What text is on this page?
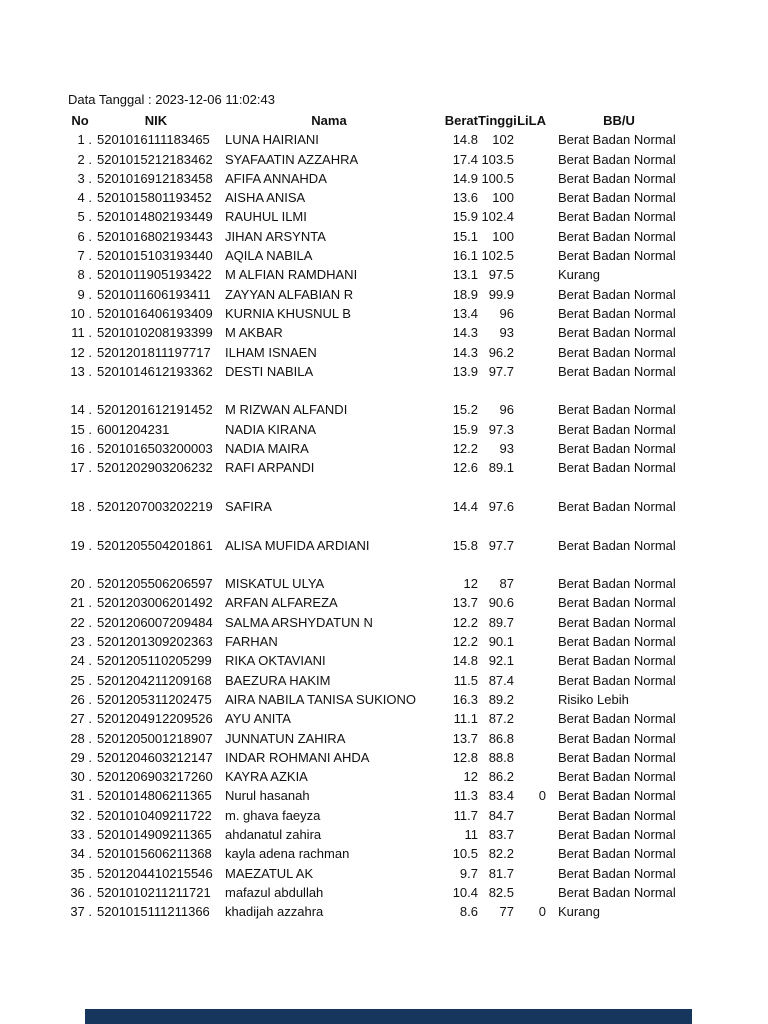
Data Tanggal : 2023-12-06 11:02:43
No	NIK	Nama	Berat Tinggi LiLA	BB/U
1 . 5201016111183465	LUNA HAIRIANI	14.8	102	Berat Badan Normal
2 . 5201015212183462 SYAFAATIN AZZAHRA	17.4 103.5	Berat Badan Normal
3 . 5201016912183458 AFIFA ANNAHDA	14.9 100.5	Berat Badan Normal
4 . 5201015801193452	AISHA ANISA	13.6	100	Berat Badan Normal
5 . 5201014802193449 RAUHUL ILMI	15.9 102.4	Berat Badan Normal
6 . 5201016802193443 JIHAN ARSYNTA	15.1	100	Berat Badan Normal
7 . 5201015103193440 AQILA NABILA	16.1 102.5	Berat Badan Normal
8 . 5201011905193422	M ALFIAN RAMDHANI	13.1 97.5	Kurang
9 . 5201011606193411	ZAYYAN ALFABIAN R	18.9 99.9	Berat Badan Normal
10 . 5201016406193409 KURNIA KHUSNUL B	13.4	96	Berat Badan Normal
11 . 5201010208193399 M AKBAR	14.3	93	Berat Badan Normal
12 . 5201201811197717	ILHAM ISNAEN	14.3 96.2	Berat Badan Normal
13 . 5201014612193362 DESTI NABILA	13.9 97.7	Berat Badan Normal
14 . 5201201612191452 M RIZWAN ALFANDI	15.2	96	Berat Badan Normal
15 . 6001204231	NADIA KIRANA	15.9 97.3	Berat Badan Normal
16 . 5201016503200003 NADIA MAIRA	12.2	93	Berat Badan Normal
17 . 5201202903206232 RAFI ARPANDI	12.6 89.1	Berat Badan Normal
18 . 5201207003202219 SAFIRA	14.4 97.6	Berat Badan Normal
19 . 5201205504201861 ALISA MUFIDA ARDIANI	15.8 97.7	Berat Badan Normal
20 . 5201205506206597 MISKATUL ULYA	12	87	Berat Badan Normal
21 . 5201203006201492 ARFAN ALFAREZA	13.7 90.6	Berat Badan Normal
22 . 5201206007209484 SALMA ARSHYDATUN N	12.2 89.7	Berat Badan Normal
23 . 5201201309202363 FARHAN	12.2 90.1	Berat Badan Normal
24 . 5201205110205299	RIKA OKTAVIANI	14.8 92.1	Berat Badan Normal
25 . 5201204211209168	BAEZURA HAKIM	11.5 87.4	Berat Badan Normal
26 . 5201205311202475	AIRA NABILA TANISA SUKIONO	16.3 89.2	Risiko Lebih
27 . 5201204912209526 AYU ANITA	11.1 87.2	Berat Badan Normal
28 . 5201205001218907 JUNNATUN ZAHIRA	13.7 86.8	Berat Badan Normal
29 . 5201204603212147 INDAR ROHMANI AHDA	12.8 88.8	Berat Badan Normal
30 . 5201206903217260 KAYRA AZKIA	12 86.2	Berat Badan Normal
31 . 5201014806211365	Nurul hasanah	11.3 83.4	0 Berat Badan Normal
32 . 5201010409211722	m. ghava faeyza	11.7 84.7	Berat Badan Normal
33 . 5201014909211365	ahdanatul zahira	11 83.7	Berat Badan Normal
34 . 5201015606211368	kayla adena rachman	10.5 82.2	Berat Badan Normal
35 . 5201204410215546 MAEZATUL AK	9.7 81.7	Berat Badan Normal
36 . 5201010211211721	mafazul abdullah	10.4 82.5	Berat Badan Normal
37 . 5201015111211366	khadijah azzahra	8.6	77	0 Kurang
